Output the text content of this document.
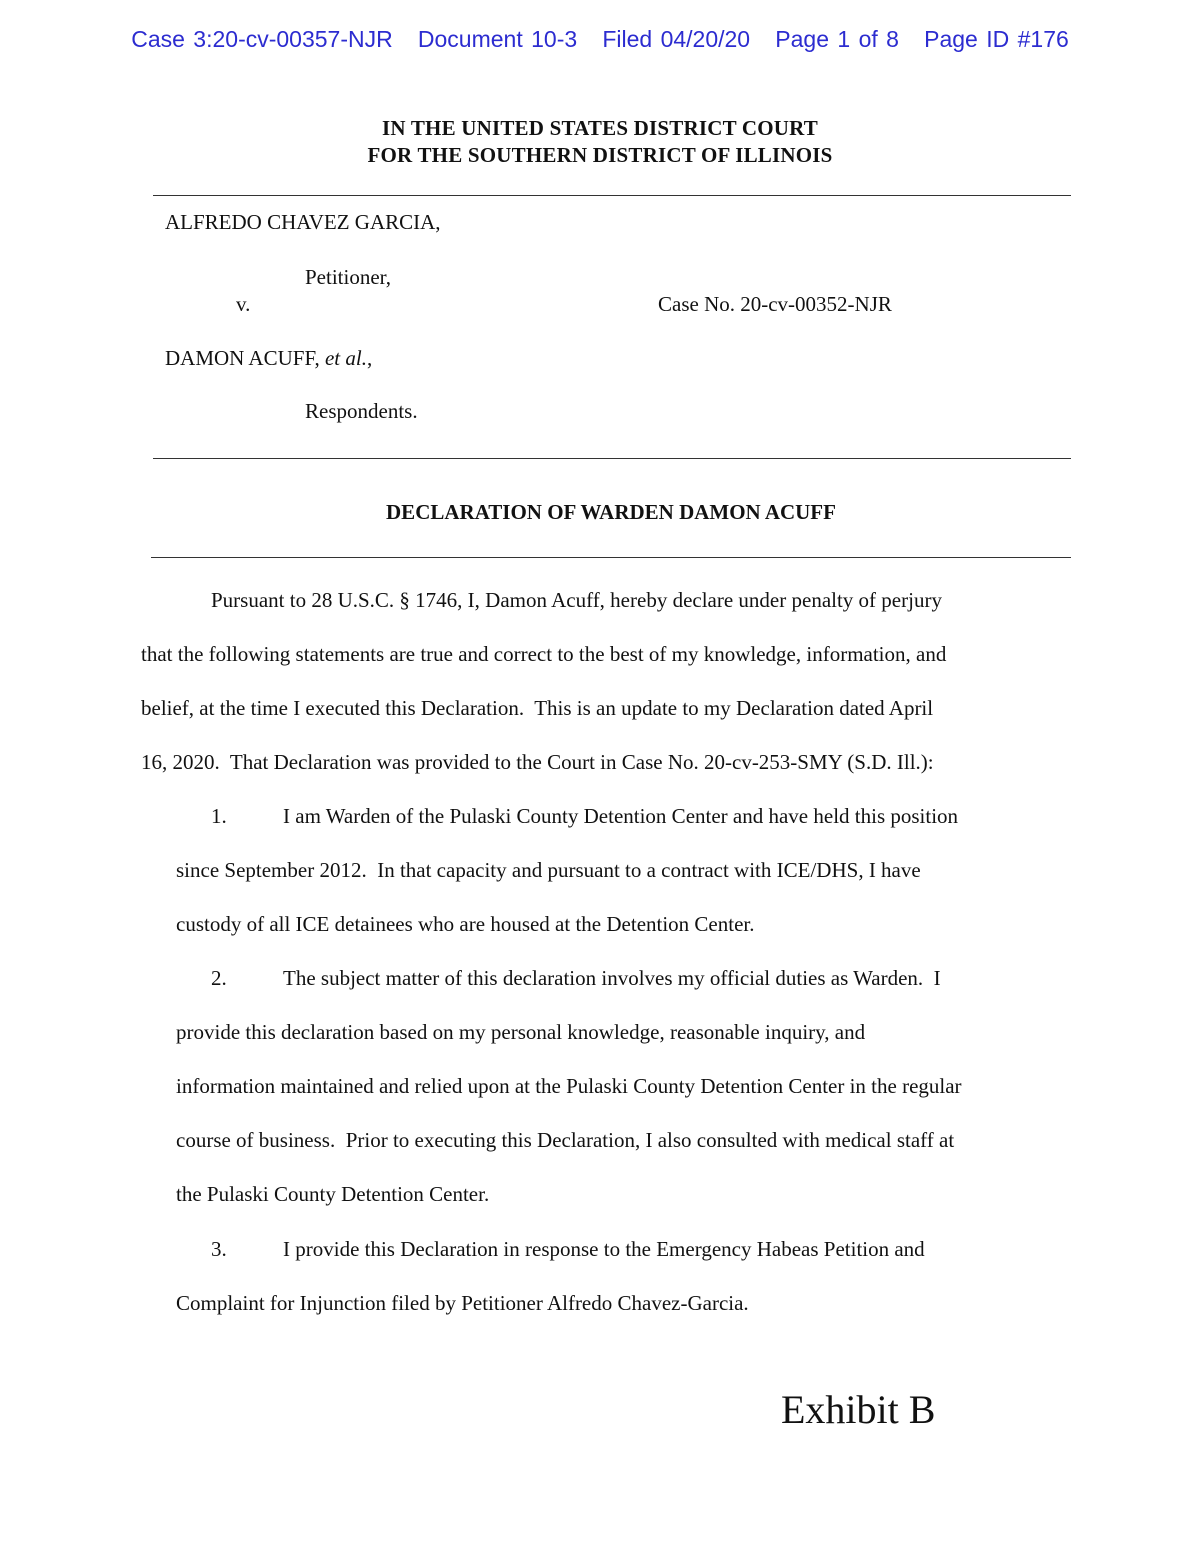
Case 3:20-cv-00357-NJR Document 10-3 Filed 04/20/20 Page 1 of 8 Page ID #176
IN THE UNITED STATES DISTRICT COURT
FOR THE SOUTHERN DISTRICT OF ILLINOIS
ALFREDO CHAVEZ GARCIA,
Petitioner,
v.	Case No. 20-cv-00352-NJR
DAMON ACUFF, et al.,
Respondents.
DECLARATION OF WARDEN DAMON ACUFF
Pursuant to 28 U.S.C. § 1746, I, Damon Acuff, hereby declare under penalty of perjury
that the following statements are true and correct to the best of my knowledge, information, and
belief, at the time I executed this Declaration.  This is an update to my Declaration dated April
16, 2020.  That Declaration was provided to the Court in Case No. 20-cv-253-SMY (S.D. Ill.):
1.	I am Warden of the Pulaski County Detention Center and have held this position
since September 2012.  In that capacity and pursuant to a contract with ICE/DHS, I have
custody of all ICE detainees who are housed at the Detention Center.
2.	The subject matter of this declaration involves my official duties as Warden.  I
provide this declaration based on my personal knowledge, reasonable inquiry, and
information maintained and relied upon at the Pulaski County Detention Center in the regular
course of business.  Prior to executing this Declaration, I also consulted with medical staff at
the Pulaski County Detention Center.
3.	I provide this Declaration in response to the Emergency Habeas Petition and
Complaint for Injunction filed by Petitioner Alfredo Chavez-Garcia.
Exhibit B
